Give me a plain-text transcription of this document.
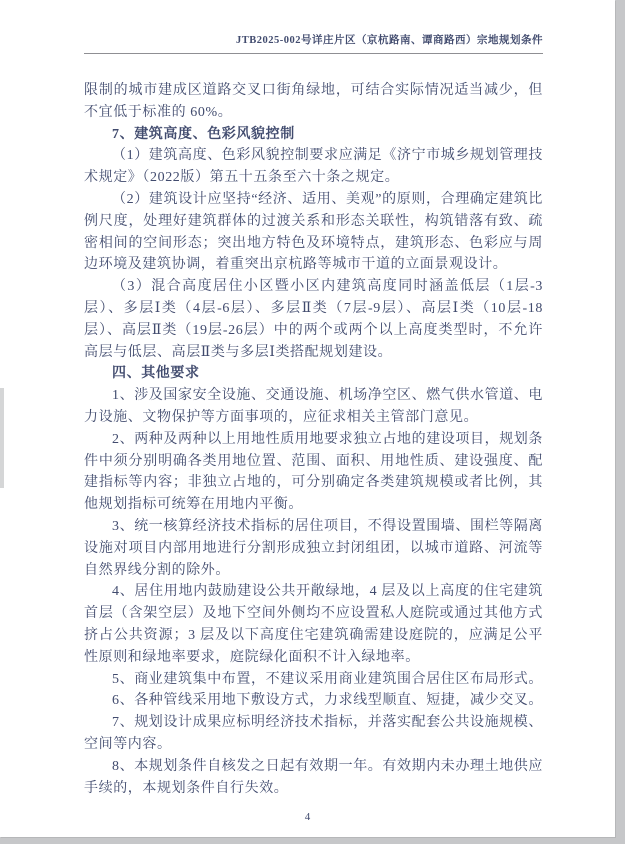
JTB2025-002号详庄片区（京杭路南、谭商路西）宗地规划条件

限制的城市建成区道路交叉口街角绿地，可结合实际情况适当减少，但不宜低于标准的 60%。

7、建筑高度、色彩风貌控制

（1）建筑高度、色彩风貌控制要求应满足《济宁市城乡规划管理技术规定》（2022版）第五十五条至六十条之规定。

（2）建筑设计应坚持“经济、适用、美观”的原则，合理确定建筑比例尺度，处理好建筑群体的过渡关系和形态关联性，构筑错落有致、疏密相间的空间形态；突出地方特色及环境特点，建筑形态、色彩应与周边环境及建筑协调，着重突出京杭路等城市干道的立面景观设计。

（3）混合高度居住小区暨小区内建筑高度同时涵盖低层（1层-3层）、多层Ⅰ类（4层-6层）、多层Ⅱ类（7层-9层）、高层Ⅰ类（10层-18层）、高层Ⅱ类（19层-26层）中的两个或两个以上高度类型时，不允许高层与低层、高层Ⅱ类与多层Ⅰ类搭配规划建设。

四、其他要求

1、涉及国家安全设施、交通设施、机场净空区、燃气供水管道、电力设施、文物保护等方面事项的，应征求相关主管部门意见。

2、两种及两种以上用地性质用地要求独立占地的建设项目，规划条件中须分别明确各类用地位置、范围、面积、用地性质、建设强度、配建指标等内容；非独立占地的，可分别确定各类建筑规模或者比例，其他规划指标可统筹在用地内平衡。

3、统一核算经济技术指标的居住项目，不得设置围墙、围栏等隔离设施对项目内部用地进行分割形成独立封闭组团，以城市道路、河流等自然界线分割的除外。

4、居住用地内鼓励建设公共开敞绿地，4 层及以上高度的住宅建筑首层（含架空层）及地下空间外侧均不应设置私人庭院或通过其他方式挤占公共资源；3 层及以下高度住宅建筑确需建设庭院的，应满足公平性原则和绿地率要求，庭院绿化面积不计入绿地率。

5、商业建筑集中布置，不建议采用商业建筑围合居住区布局形式。

6、各种管线采用地下敷设方式，力求线型顺直、短捷，减少交叉。

7、规划设计成果应标明经济技术指标，并落实配套公共设施规模、空间等内容。

8、本规划条件自核发之日起有效期一年。有效期内未办理土地供应手续的，本规划条件自行失效。

4
